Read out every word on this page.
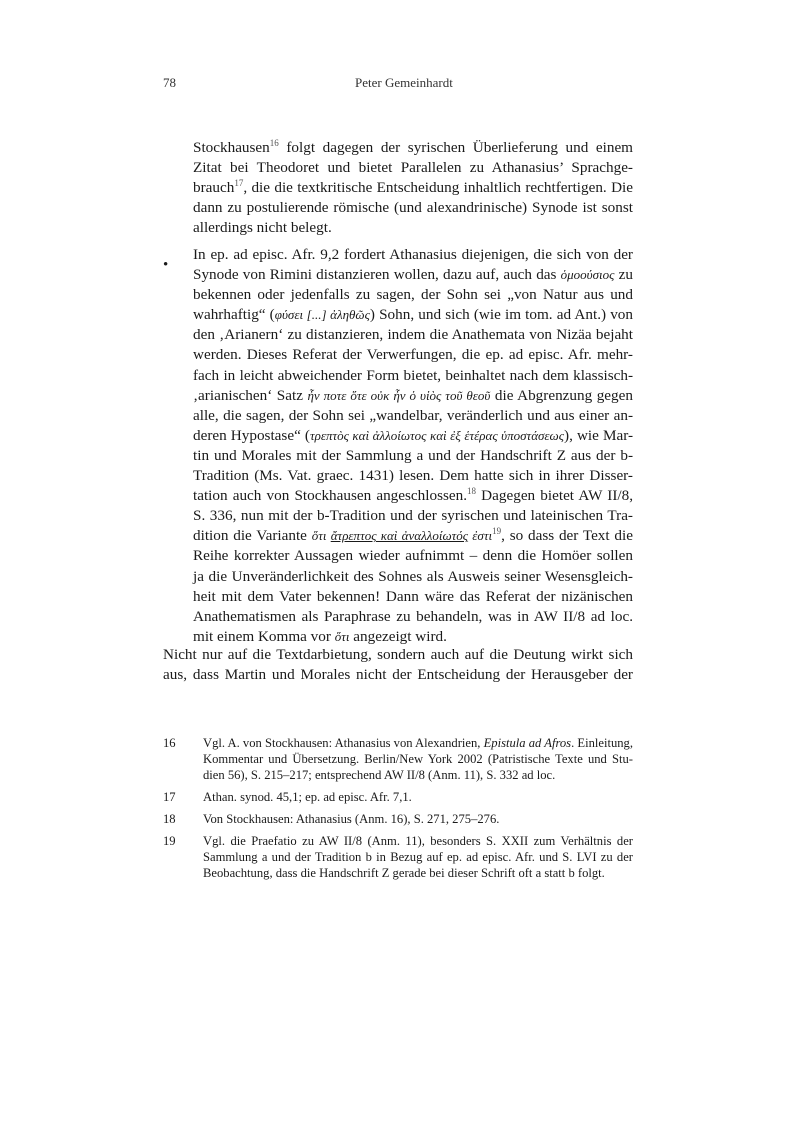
78	Peter Gemeinhardt
Stockhausen$^{16}$ folgt dagegen der syrischen Überlieferung und einem
Zitat bei Theodoret und bietet Parallelen zu Athanasius’ Sprachge-
brauch$^{17}$, die die textkritische Entscheidung inhaltlich rechtfertigen. Die
dann zu postulierende römische (und alexandrinische) Synode ist sonst
allerdings nicht belegt.
•
In ep. ad episc. Afr. 9,2 fordert Athanasius diejenigen, die sich von der
Synode von Rimini distanzieren wollen, dazu auf, auch das ὁμοούσιος zu
bekennen oder jedenfalls zu sagen, der Sohn sei „von Natur aus und
wahrhaftig“ (φύσει [...] ἀληθῶς) Sohn, und sich (wie im tom. ad Ant.) von
den ‚Arianern‘ zu distanzieren, indem die Anathemata von Nizäa bejaht
werden. Dieses Referat der Verwerfungen, die ep. ad episc. Afr. mehr-
fach in leicht abweichender Form bietet, beinhaltet nach dem klassisch-
‚arianischen‘ Satz ἦν ποτε ὅτε οὐκ ἦν ὁ υἱὸς τοῦ θεοῦ die Abgrenzung gegen
alle, die sagen, der Sohn sei „wandelbar, veränderlich und aus einer an-
deren Hypostase“ (τρεπτὸς καὶ ἀλλοίωτος καὶ ἐξ ἑτέρας ὑποστάσεως), wie Mar-
tin und Morales mit der Sammlung a und der Handschrift Z aus der b-
Tradition (Ms. Vat. graec. 1431) lesen. Dem hatte sich in ihrer Disser-
tation auch von Stockhausen angeschlossen.$^{18}$ Dagegen bietet AW II/8,
S. 336, nun mit der b-Tradition und der syrischen und lateinischen Tra-
dition die Variante ὅτι ἄτρεπτος καὶ ἀναλλοίωτός ἐστι$^{19}$, so dass der Text die
Reihe korrekter Aussagen wieder aufnimmt – denn die Homöer sollen
ja die Unveränderlichkeit des Sohnes als Ausweis seiner Wesensgleich-
heit mit dem Vater bekennen! Dann wäre das Referat der nizänischen
Anathematismen als Paraphrase zu behandeln, was in AW II/8 ad loc.
mit einem Komma vor ὅτι angezeigt wird.
Nicht nur auf die Textdarbietung, sondern auch auf die Deutung wirkt sich
aus, dass Martin und Morales nicht der Entscheidung der Herausgeber der
16 Vgl. A. von Stockhausen: Athanasius von Alexandrien, Epistula ad Afros. Einleitung,
Kommentar und Übersetzung. Berlin/New York 2002 (Patristische Texte und Stu-
dien 56), S. 215–217; entsprechend AW II/8 (Anm. 11), S. 332 ad loc.
17 Athan. synod. 45,1; ep. ad episc. Afr. 7,1.
18 Von Stockhausen: Athanasius (Anm. 16), S. 271, 275–276.
19 Vgl. die Praefatio zu AW II/8 (Anm. 11), besonders S. XXII zum Verhältnis der
Sammlung a und der Tradition b in Bezug auf ep. ad episc. Afr. und S. LVI zu der
Beobachtung, dass die Handschrift Z gerade bei dieser Schrift oft a statt b folgt.
